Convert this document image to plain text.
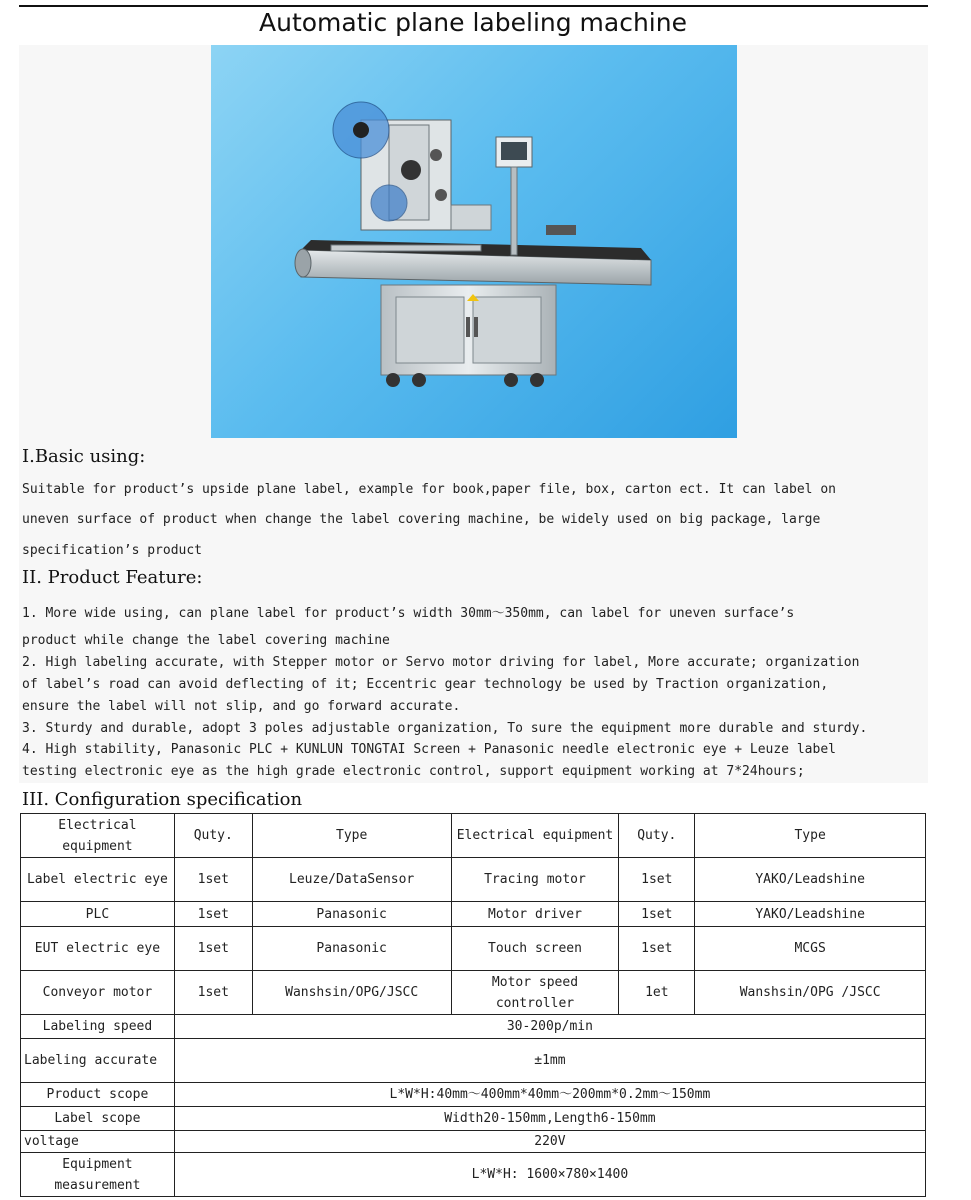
Automatic plane labeling machine
I.Basic using:
Suitable for product’s upside plane label, example for book,paper file, box, carton ect. It can label on
uneven surface of product when change the label covering machine, be widely used on big package, large
specification’s product
II. Product Feature:
1. More wide using, can plane label for product’s width 30mm～350mm, can label for uneven surface’s
product while change the label covering machine
2. High labeling accurate, with Stepper motor or Servo motor driving for label, More accurate; organization
of label’s road can avoid deflecting of it; Eccentric gear technology be used by Traction organization,
ensure the label will not slip, and go forward accurate.
3. Sturdy and durable, adopt 3 poles adjustable organization, To sure the equipment more durable and sturdy.
4. High stability, Panasonic PLC + KUNLUN TONGTAI Screen + Panasonic needle electronic eye + Leuze label
testing electronic eye as the high grade electronic control, support equipment working at 7*24hours;
III. Configuration specification
Electrical equipment	Quty.	Type	Electrical equipment	Quty.	Type
Label electric eye	1set	Leuze/DataSensor	Tracing motor	1set	YAKO/Leadshine
PLC	1set	Panasonic	Motor driver	1set	YAKO/Leadshine
EUT electric eye	1set	Panasonic	Touch screen	1set	MCGS
Conveyor motor	1set	Wanshsin/OPG/JSCC	Motor speed controller	1et	Wanshsin/OPG /JSCC
Labeling speed	30-200p/min				
Labeling accurate	±1mm				
Product scope	L*W*H:40mm～400mm*40mm～200mm*0.2mm～150mm				
Label scope	Width20-150mm,Length6-150mm				
voltage	220V				
Equipment measurement	L*W*H: 1600×780×1400				
